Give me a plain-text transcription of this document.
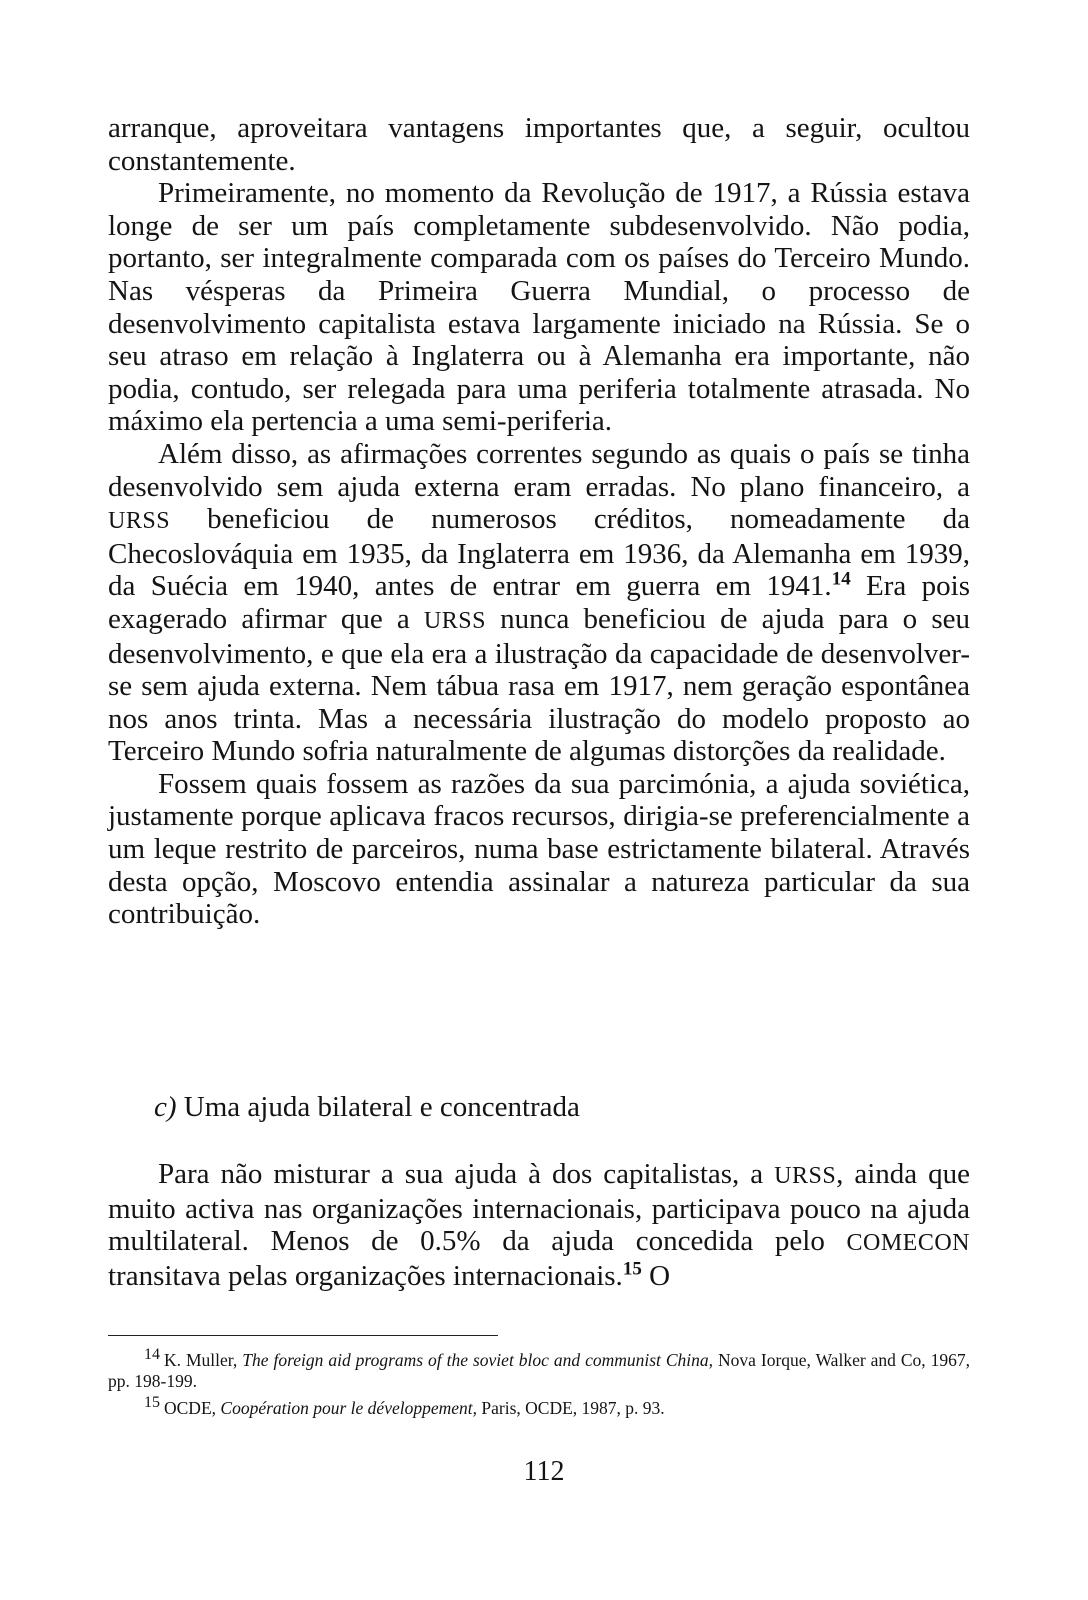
arranque, aproveitara vantagens importantes que, a seguir, ocultou constantemente.

Primeiramente, no momento da Revolução de 1917, a Rússia estava longe de ser um país completamente subdesenvolvido. Não podia, portanto, ser integralmente comparada com os países do Terceiro Mundo. Nas vésperas da Primeira Guerra Mundial, o processo de desenvolvimento capitalista estava largamente iniciado na Rússia. Se o seu atraso em relação à Inglaterra ou à Alemanha era importante, não podia, contudo, ser relegada para uma periferia totalmente atrasada. No máximo ela pertencia a uma semi-periferia.

Além disso, as afirmações correntes segundo as quais o país se tinha desenvolvido sem ajuda externa eram erradas. No plano financeiro, a URSS beneficiou de numerosos créditos, nomeadamente da Checoslováquia em 1935, da Inglaterra em 1936, da Alemanha em 1939, da Suécia em 1940, antes de entrar em guerra em 1941.14 Era pois exagerado afirmar que a URSS nunca beneficiou de ajuda para o seu desenvolvimento, e que ela era a ilustração da capacidade de desenvolver-se sem ajuda externa. Nem tábua rasa em 1917, nem geração espontânea nos anos trinta. Mas a necessária ilustração do modelo proposto ao Terceiro Mundo sofria naturalmente de algumas distorções da realidade.

Fossem quais fossem as razões da sua parcimónia, a ajuda soviética, justamente porque aplicava fracos recursos, dirigia-se preferencialmente a um leque restrito de parceiros, numa base estrictamente bilateral. Através desta opção, Moscovo entendia assinalar a natureza particular da sua contribuição.

c) Uma ajuda bilateral e concentrada

Para não misturar a sua ajuda à dos capitalistas, a URSS, ainda que muito activa nas organizações internacionais, participava pouco na ajuda multilateral. Menos de 0.5% da ajuda concedida pelo COMECON transitava pelas organizações internacionais.$^{15}$ O

14 K. Muller, The foreign aid programs of the soviet bloc and communist China, Nova Iorque, Walker and Co, 1967, pp. 198-199.

15 OCDE, Coopération pour le développement, Paris, OCDE, 1987, p. 93.

112
